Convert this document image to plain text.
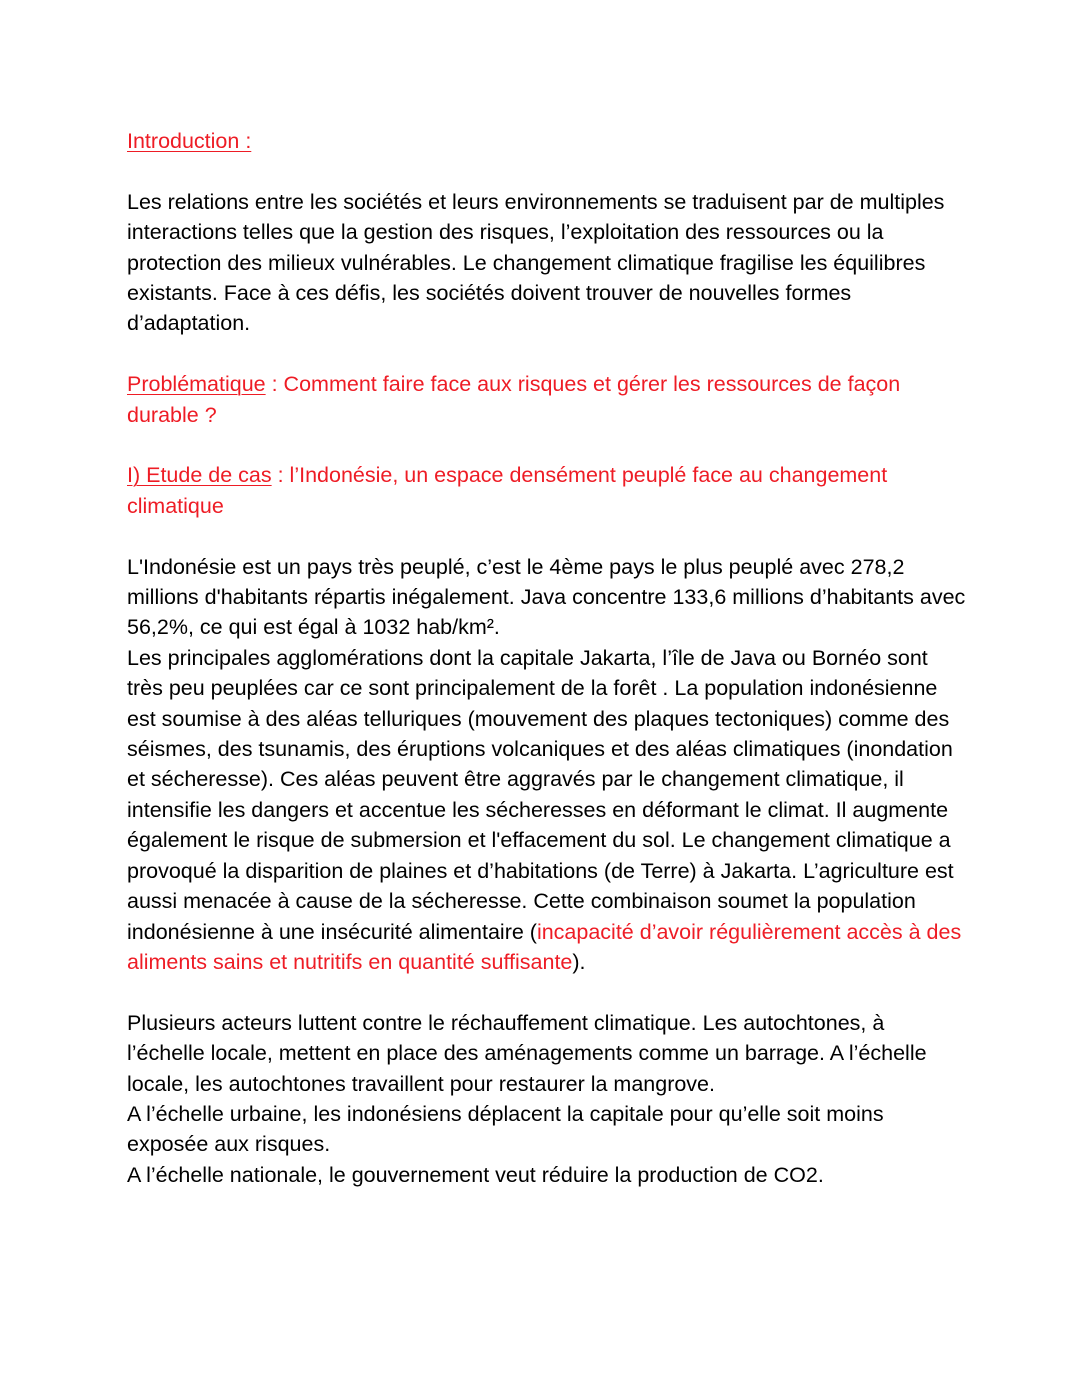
Introduction :

Les relations entre les sociétés et leurs environnements se traduisent par de multiples interactions telles que la gestion des risques, l’exploitation des ressources ou la protection des milieux vulnérables. Le changement climatique fragilise les équilibres existants. Face à ces défis, les sociétés doivent trouver de nouvelles formes d’adaptation.

Problématique : Comment faire face aux risques et gérer les ressources de façon durable ?

I) Etude de cas : l’Indonésie, un espace densément peuplé face au changement climatique

L'Indonésie est un pays très peuplé, c’est le 4ème pays le plus peuplé avec 278,2 millions d'habitants répartis inégalement. Java concentre 133,6 millions d’habitants avec 56,2%, ce qui est égal à 1032 hab/km².

Les principales agglomérations dont la capitale Jakarta, l’île de Java ou Bornéo sont très peu peuplées car ce sont principalement de la forêt . La population indonésienne est soumise à des aléas telluriques (mouvement des plaques tectoniques) comme des séismes, des tsunamis, des éruptions volcaniques et des aléas climatiques (inondation et sécheresse). Ces aléas peuvent être aggravés par le changement climatique, il intensifie les dangers et accentue les sécheresses en déformant le climat. Il augmente également le risque de submersion et l'effacement du sol. Le changement climatique a provoqué la disparition de plaines et d’habitations (de Terre) à Jakarta. L’agriculture est aussi menacée à cause de la sécheresse. Cette combinaison soumet la population indonésienne à une insécurité alimentaire (incapacité d’avoir régulièrement accès à des aliments sains et nutritifs en quantité suffisante).

Plusieurs acteurs luttent contre le réchauffement climatique. Les autochtones, à l’échelle locale, mettent en place des aménagements comme un barrage. A l’échelle locale, les autochtones travaillent pour restaurer la mangrove.

A l’échelle urbaine, les indonésiens déplacent la capitale pour qu’elle soit moins exposée aux risques.

A l’échelle nationale, le gouvernement veut réduire la production de CO2.
